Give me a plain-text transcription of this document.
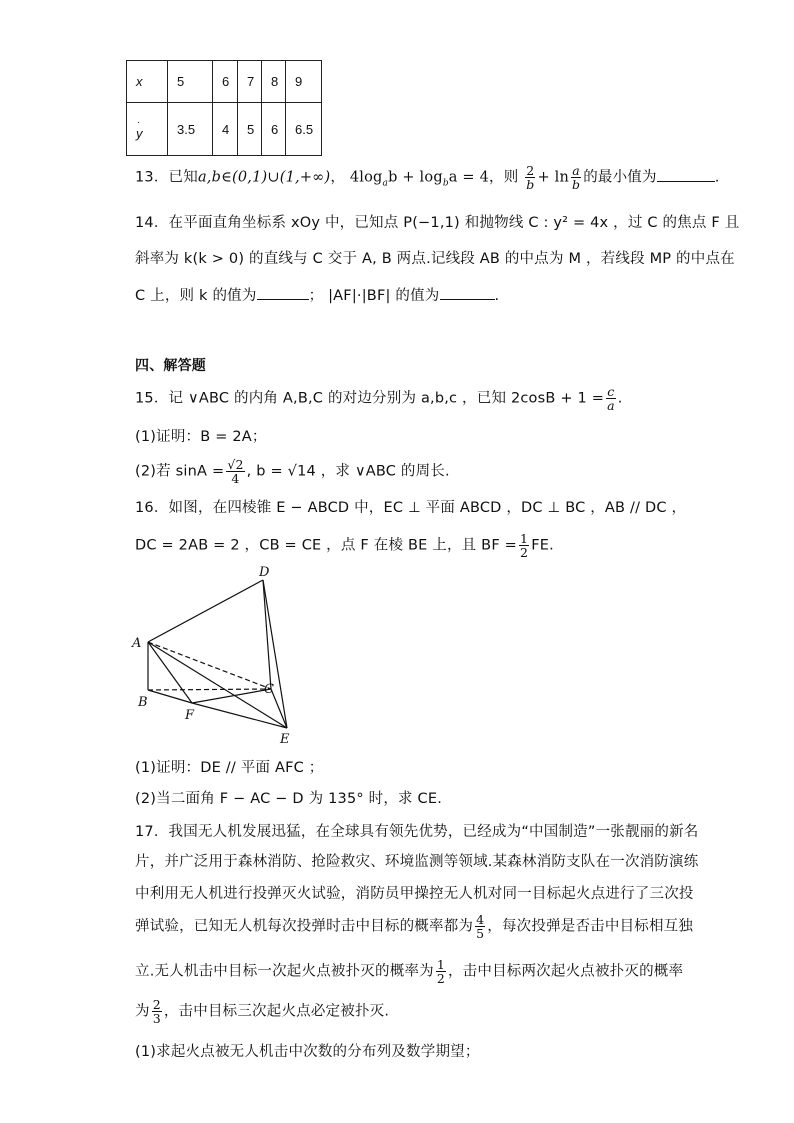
x	5	6	7	8	9

·
y	3.5	4	5	6	6.5
13．已知a,b∈(0,1)∪(1,+∞)， $4\log_ab + \log_ba = 4$，则 $\frac{2}{b} + \ln \frac{a}{b}$ 的最小值为	.
14．在平面直角坐标系 xOy 中，已知点 P(−1,1) 和抛物线 C : y² = 4x ，过 C 的焦点 F 且
斜率为 k(k > 0) 的直线与 C 交于 A, B 两点.记线段 AB 的中点为 M ，若线段 MP 的中点在
C 上，则 k 的值为	； |AF|·|BF| 的值为	.
四、解答题
15．记 ∨ABC 的内角 A,B,C 的对边分别为 a,b,c ，已知 $2\cos B + 1 = \frac{c}{a}$ .
(1)证明：B = 2A；
(2)若 $\sin A = \frac{√2}{4}$ , b = √14 ，求 ∨ABC 的周长.
16．如图，在四棱锥 E − ABCD 中，EC ⊥ 平面 ABCD ，DC ⊥ BC ，AB // DC ，
DC = 2AB = 2 ，CB = CE ，点 F 在棱 BE 上，且 BF = $\frac{1}{2}$ FE.
A
B
C
D
E
F
(1)证明：DE // 平面 AFC ；
(2)当二面角 F − AC − D 为 135° 时，求 CE.
17．我国无人机发展迅猛，在全球具有领先优势，已经成为“中国制造”一张靓丽的新名
片，并广泛用于森林消防、抢险救灾、环境监测等领域.某森林消防支队在一次消防演练
中利用无人机进行投弹灭火试验，消防员甲操控无人机对同一目标起火点进行了三次投
弹试验，已知无人机每次投弹时击中目标的概率都为 $\frac{4}{5}$ ，每次投弹是否击中目标相互独
立.无人机击中目标一次起火点被扑灭的概率为 $\frac{1}{2}$ ，击中目标两次起火点被扑灭的概率
为 $\frac{2}{3}$ ，击中目标三次起火点必定被扑灭.
(1)求起火点被无人机击中次数的分布列及数学期望；
